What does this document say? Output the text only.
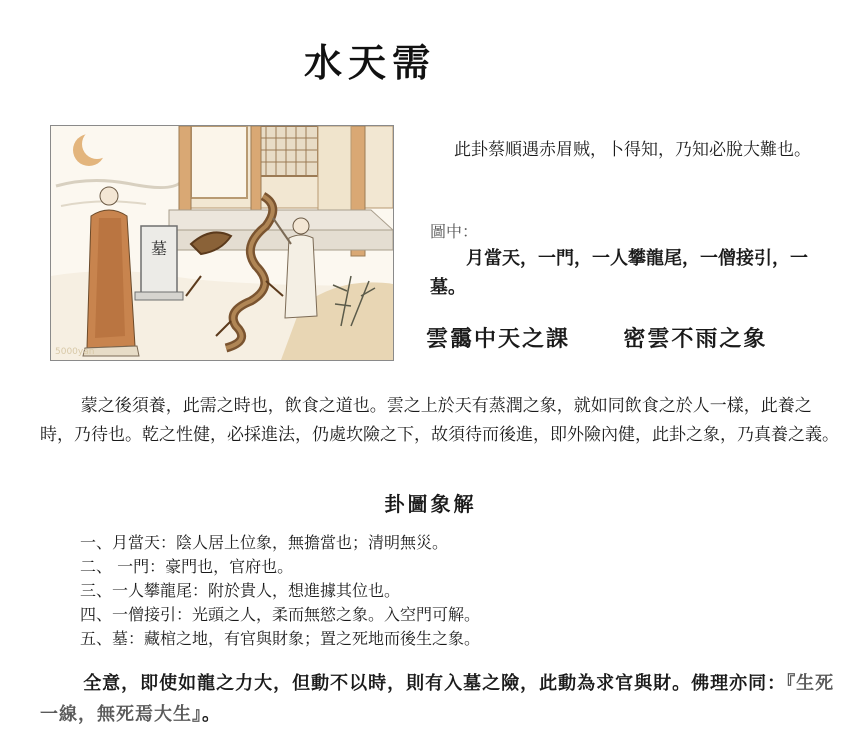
水天需
墓
5000yan
此卦蔡順遇赤眉贼，卜得知，乃知必脫大難也。
圖中：
月當天，一門，一人攀龍尾，一僧接引，一墓。
雲靄中天之課 密雲不雨之象
蒙之後須養，此需之時也，飲食之道也。雲之上於天有蒸潤之象，就如同飲食之於人一樣，此養之時，乃待也。乾之性健，必採進法，仍處坎險之下，故須待而後進，即外險內健，此卦之象，乃真養之義。
卦圖象解
一、月當天：陰人居上位象，無擔當也；清明無災。
二、 一門：豪門也，官府也。
三、一人攀龍尾：附於貴人，想進據其位也。
四、一僧接引：光頭之人，柔而無慾之象。入空門可解。
五、墓：藏棺之地，有官與財象；置之死地而後生之象。
全意，即使如龍之力大，但動不以時，則有入墓之險，此動為求官與財。佛理亦同：『生死一線，無死焉大生』。
